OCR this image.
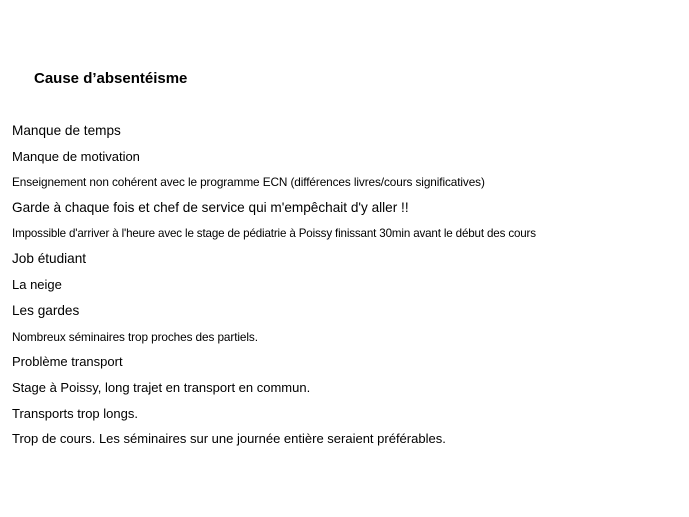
Cause d’absentéisme
Manque de temps
Manque de motivation
Enseignement non cohérent avec le programme ECN (différences livres/cours significatives)
Garde à chaque fois et chef de service qui m'empêchait d'y aller !!
Impossible d'arriver à l'heure avec le stage de pédiatrie à Poissy finissant 30min avant le début des cours
Job étudiant
La neige
Les gardes
Nombreux séminaires trop proches des partiels.
Problème transport
Stage à Poissy, long trajet en transport en commun.
Transports trop longs.
Trop de cours. Les séminaires sur une journée entière seraient préférables.
